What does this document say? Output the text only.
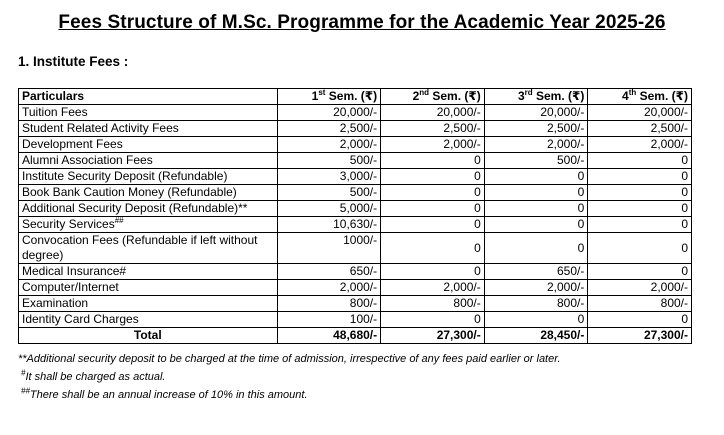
Fees Structure of M.Sc. Programme for the Academic Year 2025-26
1. Institute Fees :
Particulars	1st Sem. (₹)	2nd Sem. (₹)	3rd Sem. (₹)	4th Sem. (₹)
Tuition Fees	20,000/-	20,000/-	20,000/-	20,000/-
Student Related Activity Fees	2,500/-	2,500/-	2,500/-	2,500/-
Development Fees	2,000/-	2,000/-	2,000/-	2,000/-
Alumni Association Fees	500/-	0	500/-	0
Institute Security Deposit (Refundable)	3,000/-	0	0	0
Book Bank Caution Money (Refundable)	500/-	0	0	0
Additional Security Deposit (Refundable)**	5,000/-	0	0	0
Security Services##	10,630/-	0	0	0
Convocation Fees (Refundable if left without degree)	1000/-	0	0	0
Medical Insurance#	650/-	0	650/-	0
Computer/Internet	2,000/-	2,000/-	2,000/-	2,000/-
Examination	800/-	800/-	800/-	800/-
Identity Card Charges	100/-	0	0	0
Total	48,680/-	27,300/-	28,450/-	27,300/-
**Additional security deposit to be charged at the time of admission, irrespective of any fees paid earlier or later.
#It shall be charged as actual.
##There shall be an annual increase of 10% in this amount.
